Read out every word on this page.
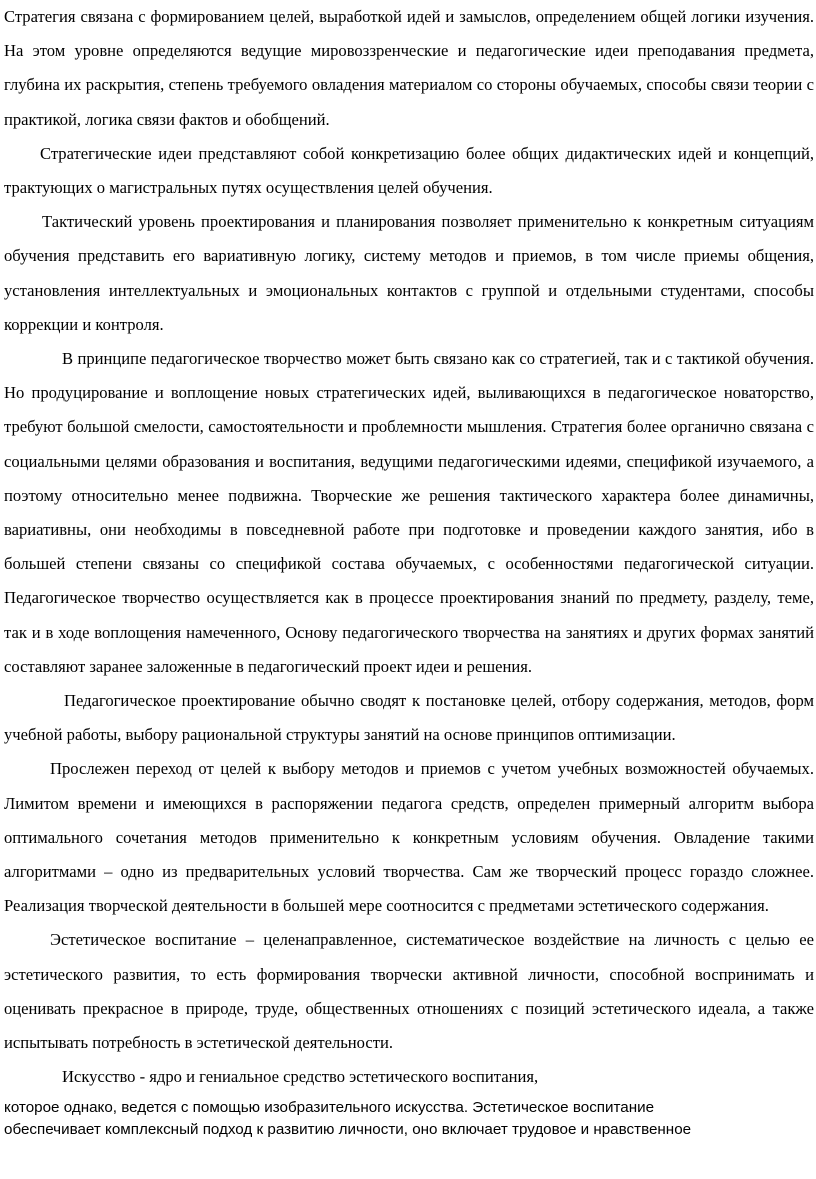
Стратегия связана с формированием целей, выработкой идей и замыслов, определением общей логики изучения. На этом уровне определяются ведущие мировоззренческие и педагогические идеи преподавания предмета, глубина их раскрытия, степень требуемого овладения материалом со стороны обучаемых, способы связи теории с практикой, логика связи фактов и обобщений.

Стратегические идеи представляют собой конкретизацию более общих дидактических идей и концепций, трактующих о магистральных путях осуществления целей обучения.

Тактический уровень проектирования и планирования позволяет применительно к конкретным ситуациям обучения представить его вариативную логику, систему методов и приемов, в том числе приемы общения, установления интеллектуальных и эмоциональных контактов с группой и отдельными студентами, способы коррекции и контроля.

В принципе педагогическое творчество может быть связано как со стратегией, так и с тактикой обучения. Но продуцирование и воплощение новых стратегических идей, выливающихся в педагогическое новаторство, требуют большой смелости, самостоятельности и проблемности мышления. Стратегия более органично связана с социальными целями образования и воспитания, ведущими педагогическими идеями, спецификой изучаемого, а поэтому относительно менее подвижна. Творческие же решения тактического характера более динамичны, вариативны, они необходимы в повседневной работе при подготовке и проведении каждого занятия, ибо в большей степени связаны со спецификой состава обучаемых, с особенностями педагогической ситуации. Педагогическое творчество осуществляется как в процессе проектирования знаний по предмету, разделу, теме, так и в ходе воплощения намеченного, Основу педагогического творчества на занятиях и других формах занятий составляют заранее заложенные в педагогический проект идеи и решения.

Педагогическое проектирование обычно сводят к постановке целей, отбору содержания, методов, форм учебной работы, выбору рациональной структуры занятий на основе принципов оптимизации.

Прослежен переход от целей к выбору методов и приемов с учетом учебных возможностей обучаемых. Лимитом времени и имеющихся в распоряжении педагога средств, определен примерный алгоритм выбора оптимального сочетания методов применительно к конкретным условиям обучения. Овладение такими алгоритмами – одно из предварительных условий творчества. Сам же творческий процесс гораздо сложнее. Реализация творческой деятельности в большей мере соотносится с предметами эстетического содержания.

Эстетическое воспитание – целенаправленное, систематическое воздействие на личность с целью ее эстетического развития, то есть формирования творчески активной личности, способной воспринимать и оценивать прекрасное в природе, труде, общественных отношениях с позиций эстетического идеала, а также испытывать потребность в эстетической деятельности.

Искусство - ядро и гениальное средство эстетического воспитания,

которое однако, ведется с помощью изобразительного искусства. Эстетическое воспитание

обеспечивает комплексный подход к развитию личности, оно включает трудовое и нравственное
